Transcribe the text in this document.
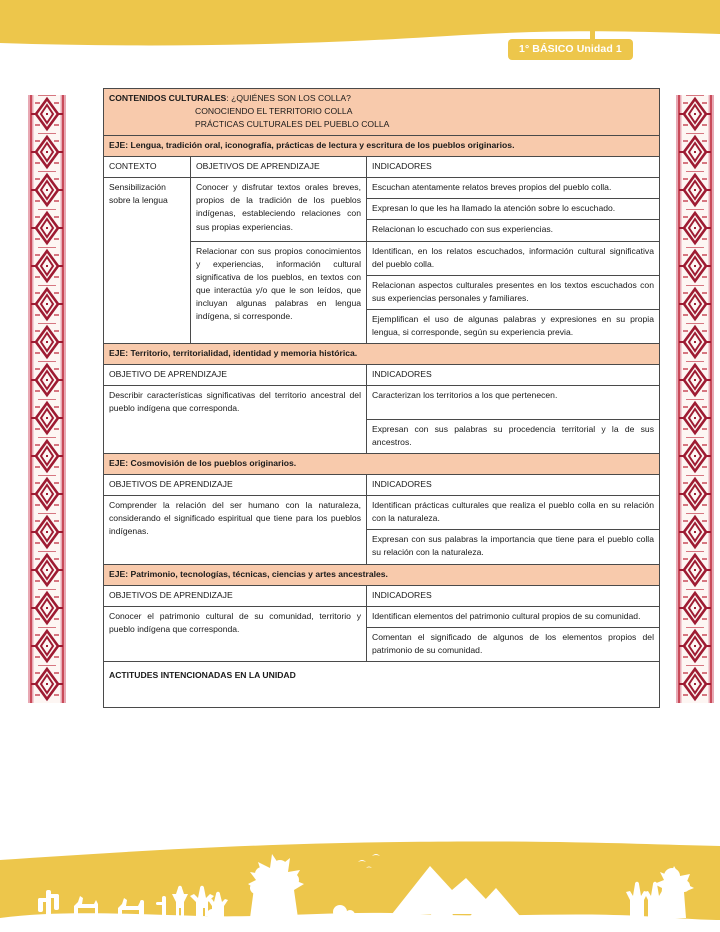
1° BÁSICO Unidad 1
CONTENIDOS CULTURALES: ¿QUIÉNES SON LOS COLLA?
CONOCIENDO EL TERRITORIO COLLA
PRÁCTICAS CULTURALES DEL PUEBLO COLLA		

EJE: Lengua, tradición oral, iconografía, prácticas de lectura y escritura de los pueblos originarios.		
CONTEXTO	OBJETIVOS DE APRENDIZAJE	INDICADORES
Sensibilización sobre la lengua	Conocer y disfrutar textos orales breves, propios de la tradición de los pueblos indígenas, estableciendo relaciones con sus propias experiencias.	Escuchan atentamente relatos breves propios del pueblo colla.
		Expresan lo que les ha llamado la atención sobre lo escuchado.
		Relacionan lo escuchado con sus experiencias.
	Relacionar con sus propios conocimientos y experiencias, información cultural significativa de los pueblos, en textos con que interactúa y/o que le son leídos, que incluyan algunas palabras en lengua indígena, si corresponde.	Identifican, en los relatos escuchados, información cultural significativa del pueblo colla.
		Relacionan aspectos culturales presentes en los textos escuchados con sus experiencias personales y familiares.
		Ejemplifican el uso de algunas palabras y expresiones en su propia lengua, si corresponde, según su experiencia previa.
EJE: Territorio, territorialidad, identidad y memoria histórica.		
OBJETIVO DE APRENDIZAJE		INDICADORES
Describir características significativas del territorio ancestral del pueblo indígena que corresponda.		Caracterizan los territorios a los que pertenecen.
		Expresan con sus palabras su procedencia territorial y la de sus ancestros.
EJE: Cosmovisión de los pueblos originarios.		
OBJETIVOS DE APRENDIZAJE		INDICADORES
Comprender la relación del ser humano con la naturaleza, considerando el significado espiritual que tiene para los pueblos indígenas.		Identifican prácticas culturales que realiza el pueblo colla en su relación con la naturaleza.
		Expresan con sus palabras la importancia que tiene para el pueblo colla su relación con la naturaleza.
EJE: Patrimonio, tecnologías, técnicas, ciencias y artes ancestrales.		
OBJETIVOS DE APRENDIZAJE		INDICADORES
Conocer el patrimonio cultural de su comunidad, territorio y pueblo indígena que corresponda.		Identifican elementos del patrimonio cultural propios de su comunidad.
		Comentan el significado de algunos de los elementos propios del patrimonio de su comunidad.
ACTITUDES INTENCIONADAS EN LA UNIDAD		
